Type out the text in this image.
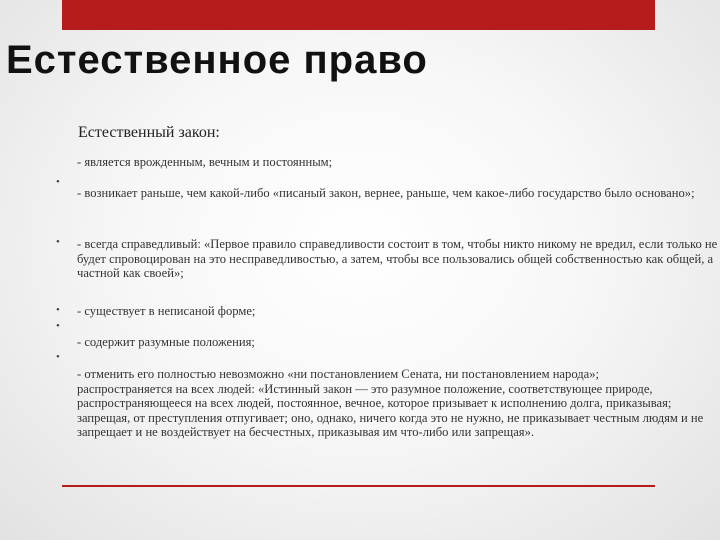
Естественное право
Естественный закон:
•
•
•
•
•

- является врожденным, вечным и постоянным;

- возникает раньше, чем какой-либо «писаный закон, вернее, раньше, чем какое-либо государство было основано»;

- всегда справедливый: «Первое правило справедливости состоит в том, чтобы никто никому не вредил, если только не будет спровоцирован на это несправедливостью, а затем, чтобы все пользовались общей собственностью как общей, а частной как своей»;

- существует в неписаной форме;

- содержит разумные положения;

- отменить его полностью невозможно «ни постановлением Сената, ни постановлением народа»;
распространяется на всех людей: «Истинный закон — это разумное положение, соответствующее природе, распространяющееся на всех людей, постоянное, вечное, которое призывает к исполнению долга, приказывая; запрещая, от преступления отпугивает; оно, однако, ничего когда это не нужно, не приказывает честным людям и не запрещает и не воздействует на бесчестных, приказывая им что-либо или запрещая».
